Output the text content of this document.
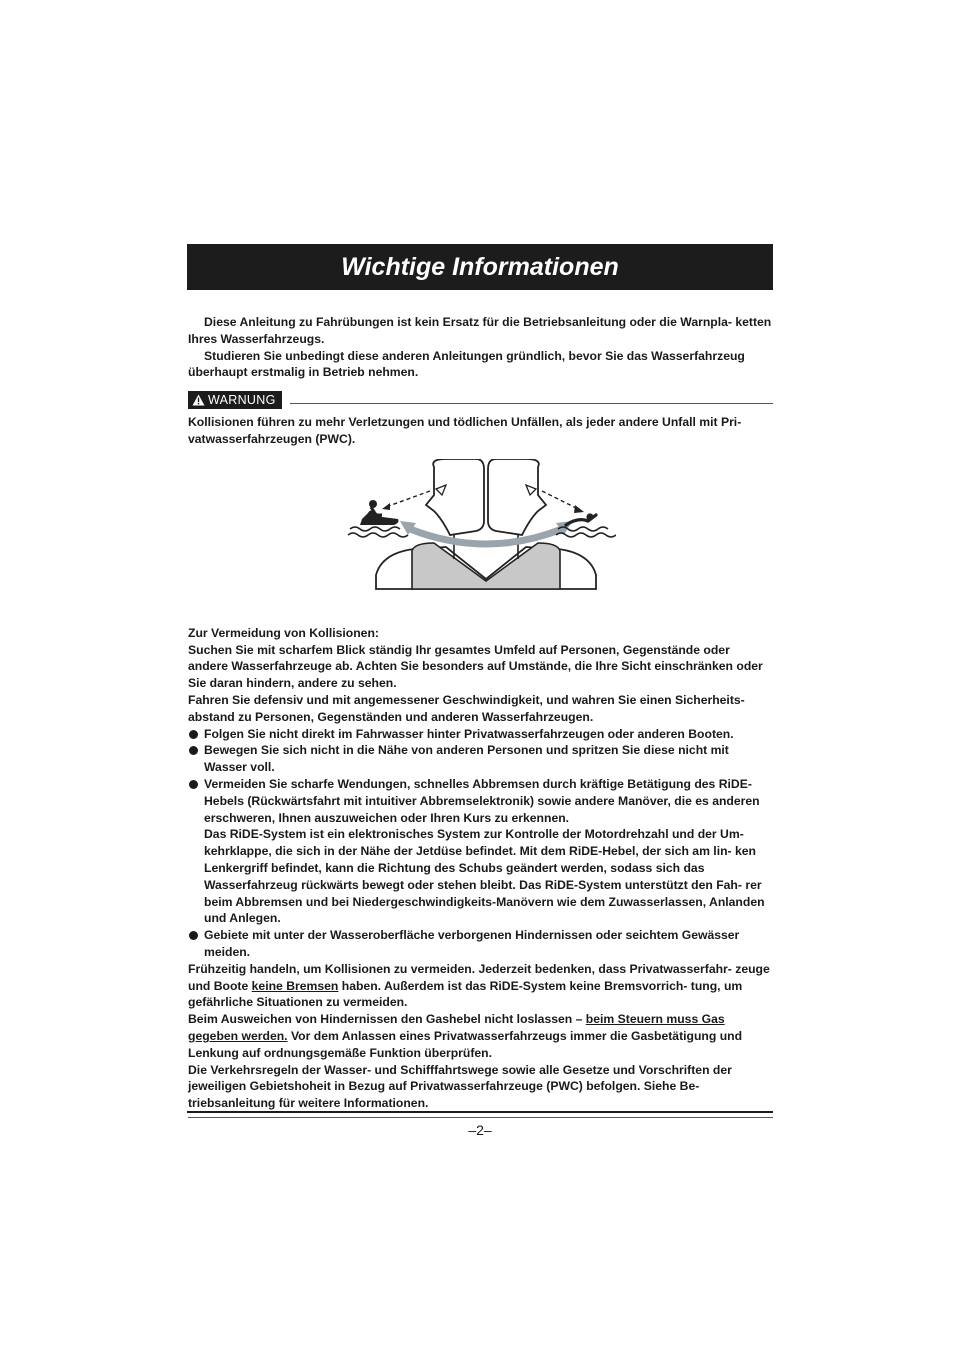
Wichtige Informationen

Diese Anleitung zu Fahrübungen ist kein Ersatz für die Betriebsanleitung oder die Warnpla- ketten Ihres Wasserfahrzeugs.

Studieren Sie unbedingt diese anderen Anleitungen gründlich, bevor Sie das Wasserfahrzeug überhaupt erstmalig in Betrieb nehmen.

WARNUNG

Kollisionen führen zu mehr Verletzungen und tödlichen Unfällen, als jeder andere Unfall mit Pri- vatwasserfahrzeugen (PWC).

Zur Vermeidung von Kollisionen:

Suchen Sie mit scharfem Blick ständig Ihr gesamtes Umfeld auf Personen, Gegenstände oder andere Wasserfahrzeuge ab. Achten Sie besonders auf Umstände, die Ihre Sicht einschränken oder Sie daran hindern, andere zu sehen.

Fahren Sie defensiv und mit angemessener Geschwindigkeit, und wahren Sie einen Sicherheits- abstand zu Personen, Gegenständen und anderen Wasserfahrzeugen.

Folgen Sie nicht direkt im Fahrwasser hinter Privatwasserfahrzeugen oder anderen Booten.
Bewegen Sie sich nicht in die Nähe von anderen Personen und spritzen Sie diese nicht mit Wasser voll.
Vermeiden Sie scharfe Wendungen, schnelles Abbremsen durch kräftige Betätigung des RiDE-Hebels (Rückwärtsfahrt mit intuitiver Abbremselektronik) sowie andere Manöver, die es anderen erschweren, Ihnen auszuweichen oder Ihren Kurs zu erkennen.
Das RiDE-System ist ein elektronisches System zur Kontrolle der Motordrehzahl und der Um- kehrklappe, die sich in der Nähe der Jetdüse befindet. Mit dem RiDE-Hebel, der sich am lin- ken Lenkergriff befindet, kann die Richtung des Schubs geändert werden, sodass sich das Wasserfahrzeug rückwärts bewegt oder stehen bleibt. Das RiDE-System unterstützt den Fah- rer beim Abbremsen und bei Niedergeschwindigkeits-Manövern wie dem Zuwasserlassen, Anlanden und Anlegen.
Gebiete mit unter der Wasseroberfläche verborgenen Hindernissen oder seichtem Gewässer meiden.

Frühzeitig handeln, um Kollisionen zu vermeiden. Jederzeit bedenken, dass Privatwasserfahr- zeuge und Boote keine Bremsen haben. Außerdem ist das RiDE-System keine Bremsvorrich- tung, um gefährliche Situationen zu vermeiden.

Beim Ausweichen von Hindernissen den Gashebel nicht loslassen – beim Steuern muss Gas gegeben werden. Vor dem Anlassen eines Privatwasserfahrzeugs immer die Gasbetätigung und Lenkung auf ordnungsgemäße Funktion überprüfen.

Die Verkehrsregeln der Wasser- und Schifffahrtswege sowie alle Gesetze und Vorschriften der jeweiligen Gebietshoheit in Bezug auf Privatwasserfahrzeuge (PWC) befolgen. Siehe Be- triebsanleitung für weitere Informationen.

–2–
